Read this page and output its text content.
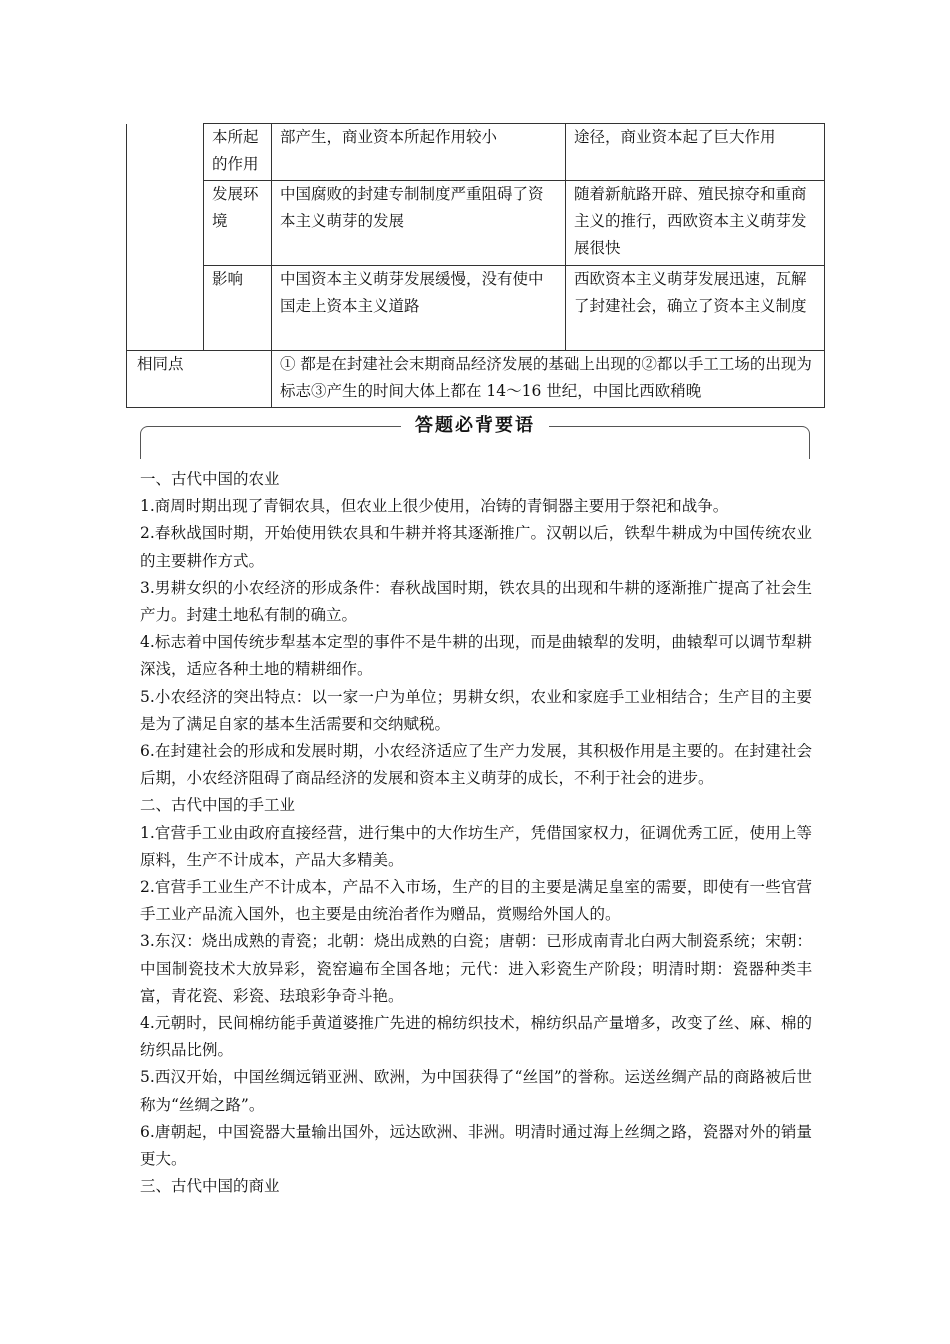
	本所起的作用	部产生，商业资本所起作用较小	途径，商业资本起了巨大作用
	发展环境	中国腐败的封建专制制度严重阻碍了资本主义萌芽的发展	随着新航路开辟、殖民掠夺和重商主义的推行，西欧资本主义萌芽发展很快
	影响	中国资本主义萌芽发展缓慢，没有使中国走上资本主义道路	西欧资本主义萌芽发展迅速，瓦解了封建社会，确立了资本主义制度
相同点		① 都是在封建社会末期商品经济发展的基础上出现的②都以手工工场的出现为标志③产生的时间大体上都在 14～16 世纪，中国比西欧稍晚	
答题必背要语

一、古代中国的农业

1.商周时期出现了青铜农具，但农业上很少使用，冶铸的青铜器主要用于祭祀和战争。

2.春秋战国时期，开始使用铁农具和牛耕并将其逐渐推广。汉朝以后，铁犁牛耕成为中国传统农业的主要耕作方式。

3.男耕女织的小农经济的形成条件：春秋战国时期，铁农具的出现和牛耕的逐渐推广提高了社会生产力。封建土地私有制的确立。

4.标志着中国传统步犁基本定型的事件不是牛耕的出现，而是曲辕犁的发明，曲辕犁可以调节犁耕深浅，适应各种土地的精耕细作。

5.小农经济的突出特点：以一家一户为单位；男耕女织，农业和家庭手工业相结合；生产目的主要是为了满足自家的基本生活需要和交纳赋税。

6.在封建社会的形成和发展时期，小农经济适应了生产力发展，其积极作用是主要的。在封建社会后期，小农经济阻碍了商品经济的发展和资本主义萌芽的成长，不利于社会的进步。

二、古代中国的手工业

1.官营手工业由政府直接经营，进行集中的大作坊生产，凭借国家权力，征调优秀工匠，使用上等原料，生产不计成本，产品大多精美。

2.官营手工业生产不计成本，产品不入市场，生产的目的主要是满足皇室的需要，即使有一些官营手工业产品流入国外，也主要是由统治者作为赠品，赏赐给外国人的。

3.东汉：烧出成熟的青瓷；北朝：烧出成熟的白瓷；唐朝：已形成南青北白两大制瓷系统；宋朝：中国制瓷技术大放异彩，瓷窑遍布全国各地；元代：进入彩瓷生产阶段；明清时期：瓷器种类丰富，青花瓷、彩瓷、珐琅彩争奇斗艳。

4.元朝时，民间棉纺能手黄道婆推广先进的棉纺织技术，棉纺织品产量增多，改变了丝、麻、棉的纺织品比例。

5.西汉开始，中国丝绸远销亚洲、欧洲，为中国获得了“丝国”的誉称。运送丝绸产品的商路被后世称为“丝绸之路”。

6.唐朝起，中国瓷器大量输出国外，远达欧洲、非洲。明清时通过海上丝绸之路，瓷器对外的销量更大。

三、古代中国的商业
